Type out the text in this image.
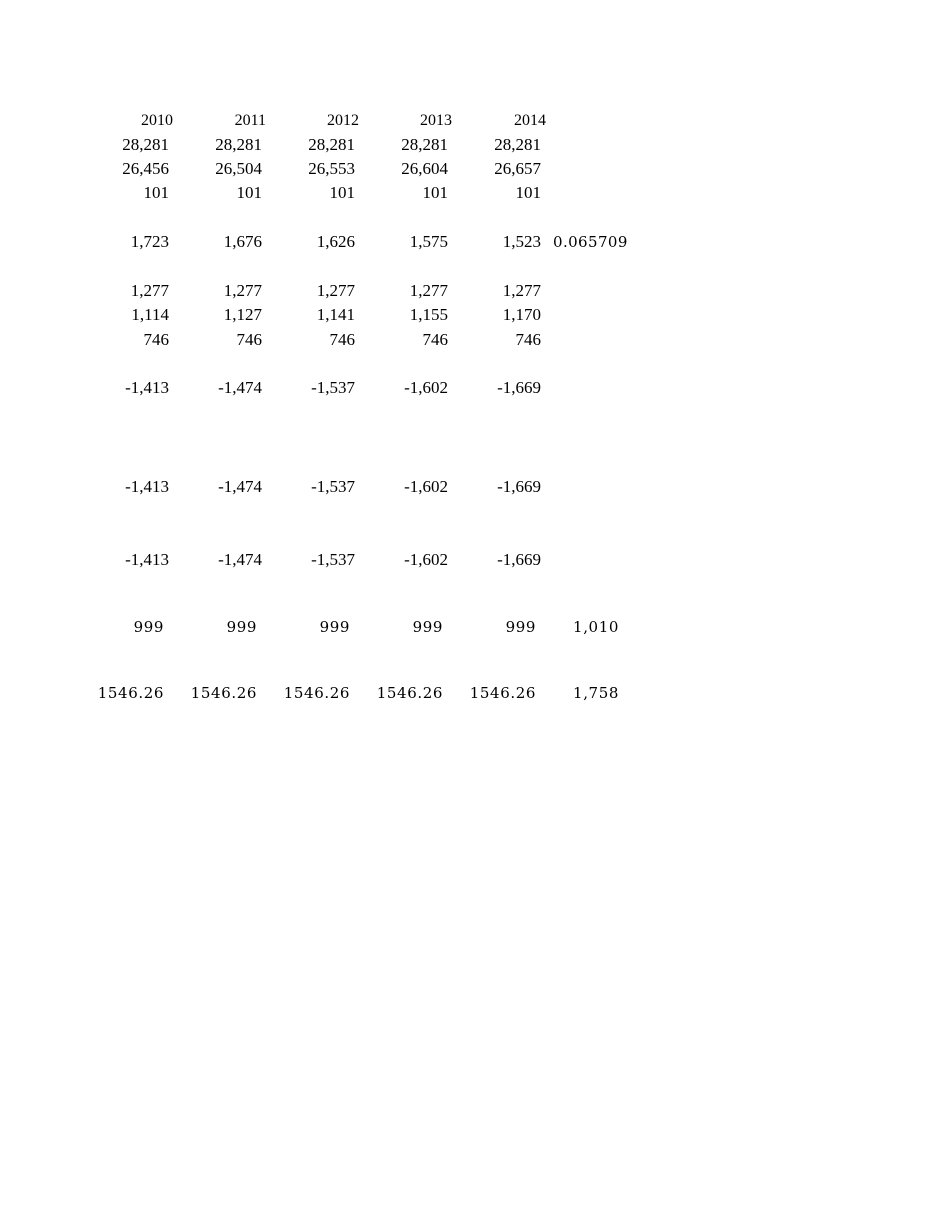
2010	2011	2012	2013	2014
28,281	28,281	28,281	28,281	28,281
26,456	26,504	26,553	26,604	26,657
101	101	101	101	101
1,723	1,676	1,626	1,575	1,523 0.065709
1,277	1,277	1,277	1,277	1,277
1,114	1,127	1,141	1,155	1,170
746	746	746	746	746
-1,413	-1,474	-1,537	-1,602	-1,669
-1,413	-1,474	-1,537	-1,602	-1,669
-1,413	-1,474	-1,537	-1,602	-1,669
999	999	999	999	999	1,010
1546.26	1546.26	1546.26	1546.26	1546.26	1,758
